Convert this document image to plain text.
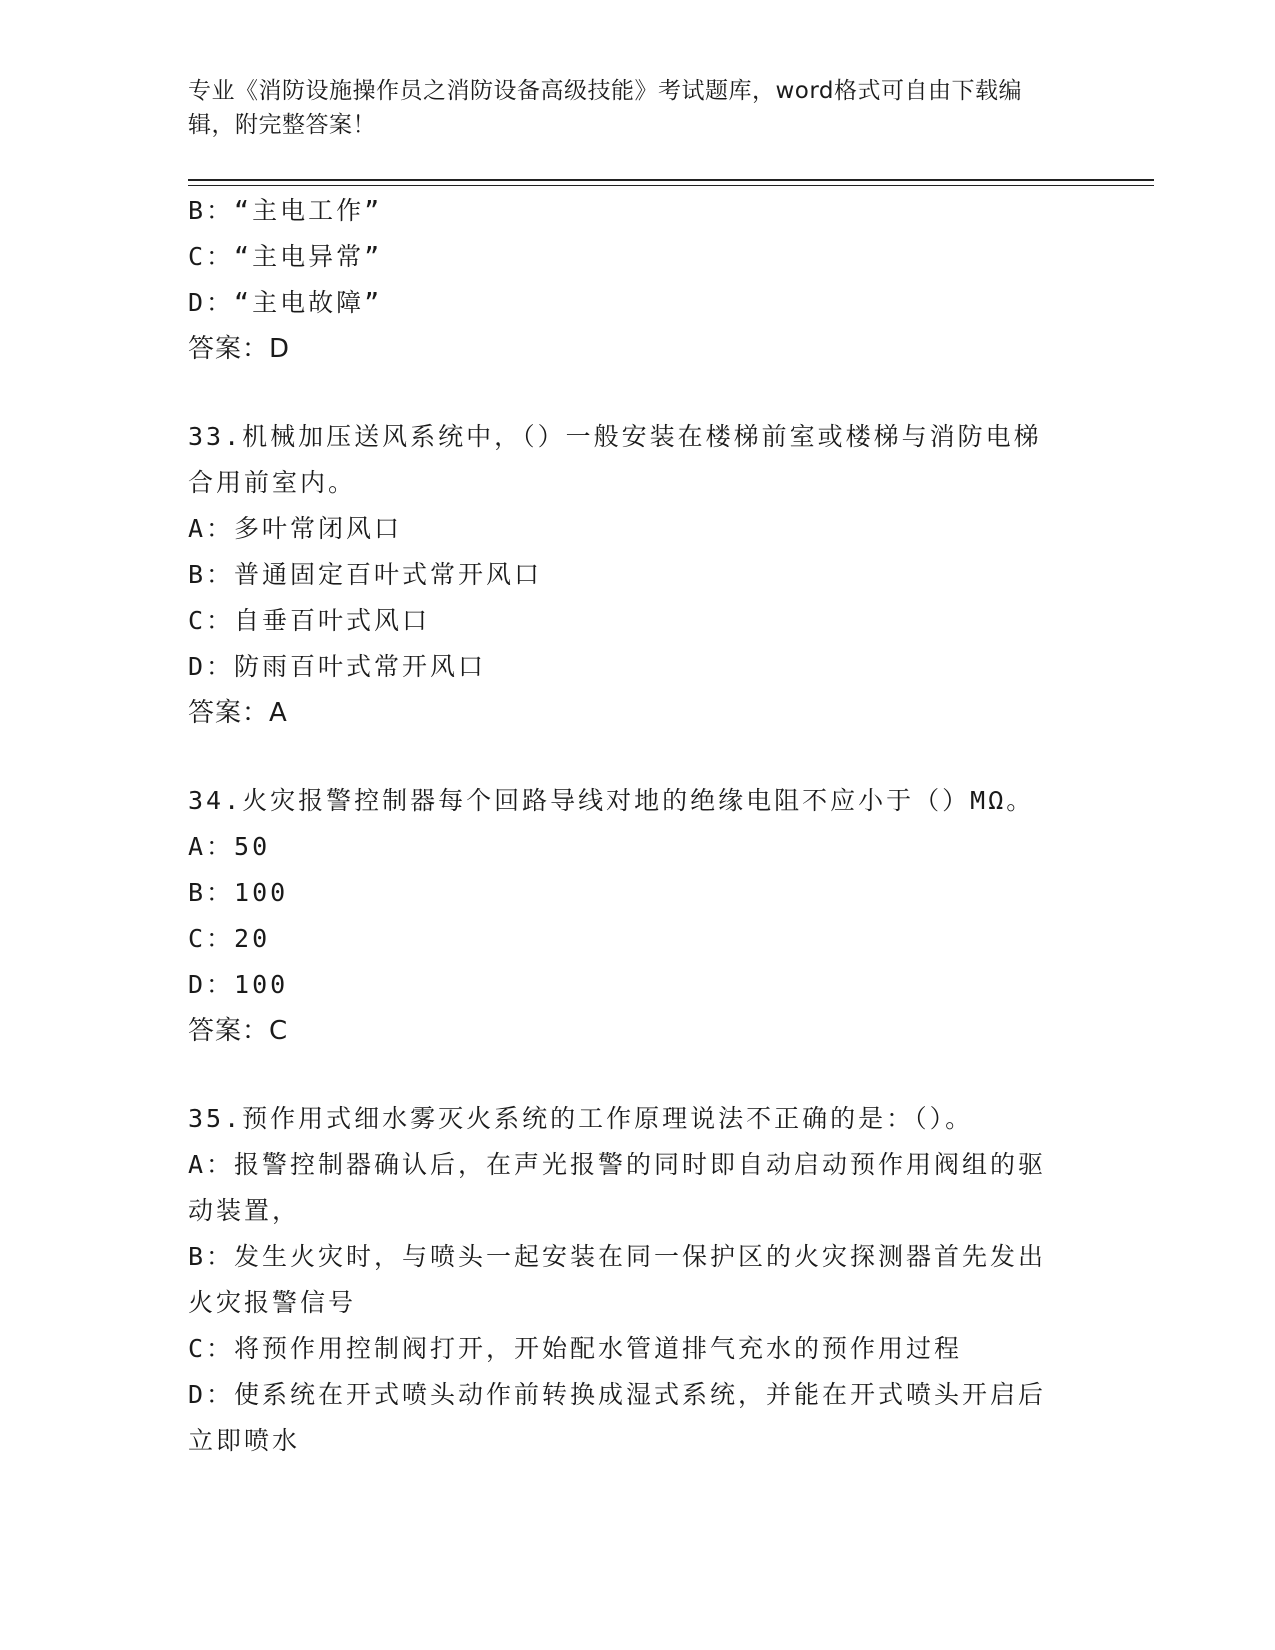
专业《消防设施操作员之消防设备高级技能》考试题库，word格式可自由下载编
辑，附完整答案！
B：“主电工作”
C：“主电异常”
D：“主电故障”
答案：D
33.机械加压送风系统中，（）一般安装在楼梯前室或楼梯与消防电梯
合用前室内。
A：多叶常闭风口
B：普通固定百叶式常开风口
C：自垂百叶式风口
D：防雨百叶式常开风口
答案：A
34.火灾报警控制器每个回路导线对地的绝缘电阻不应小于（）MΩ。
A：50
B：100
C：20
D：100
答案：C
35.预作用式细水雾灭火系统的工作原理说法不正确的是：（）。
A：报警控制器确认后，在声光报警的同时即自动启动预作用阀组的驱
动装置，
B：发生火灾时，与喷头一起安装在同一保护区的火灾探测器首先发出
火灾报警信号
C：将预作用控制阀打开，开始配水管道排气充水的预作用过程
D：使系统在开式喷头动作前转换成湿式系统，并能在开式喷头开启后
立即喷水
